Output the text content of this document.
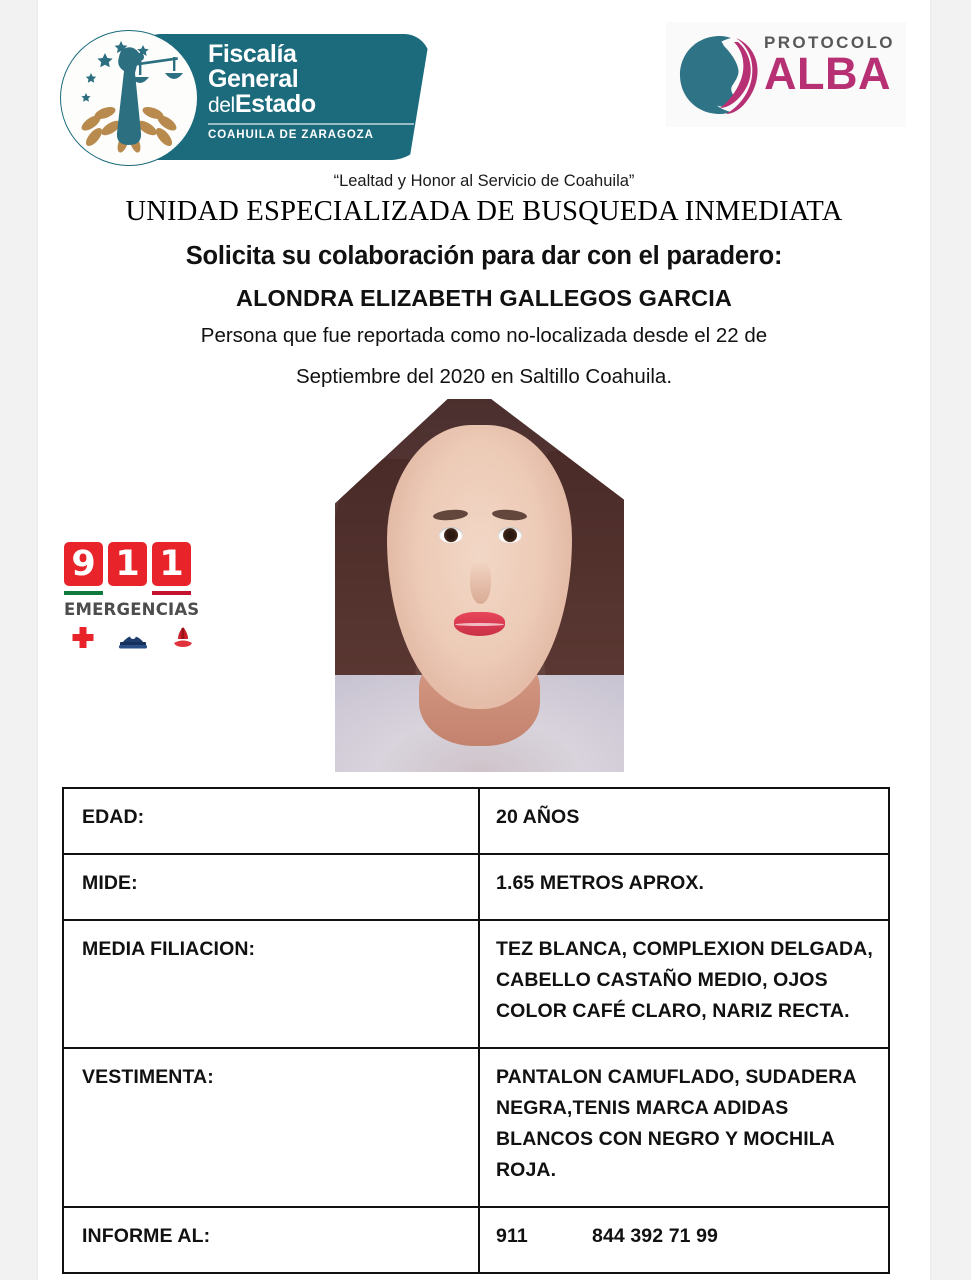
Fiscalía
General
delEstado
COAHUILA DE ZARAGOZA
PROTOCOLO
ALBA
“Lealtad y Honor al Servicio de Coahuila”
UNIDAD ESPECIALIZADA DE BUSQUEDA INMEDIATA
Solicita su colaboración para dar con el paradero:
ALONDRA ELIZABETH GALLEGOS GARCIA
Persona que fue reportada como no-localizada desde el 22 de
Septiembre del 2020 en Saltillo Coahuila.
9 1 1
EMERGENCIAS
EDAD:	20 AÑOS
MIDE:	1.65 METROS APROX.
MEDIA FILIACION:	TEZ BLANCA, COMPLEXION DELGADA, CABELLO CASTAÑO MEDIO, OJOS COLOR CAFÉ CLARO, NARIZ RECTA.
VESTIMENTA:	PANTALON CAMUFLADO, SUDADERA NEGRA,TENIS MARCA ADIDAS BLANCOS CON NEGRO Y MOCHILA ROJA.
INFORME AL:	911 844 392 71 99
